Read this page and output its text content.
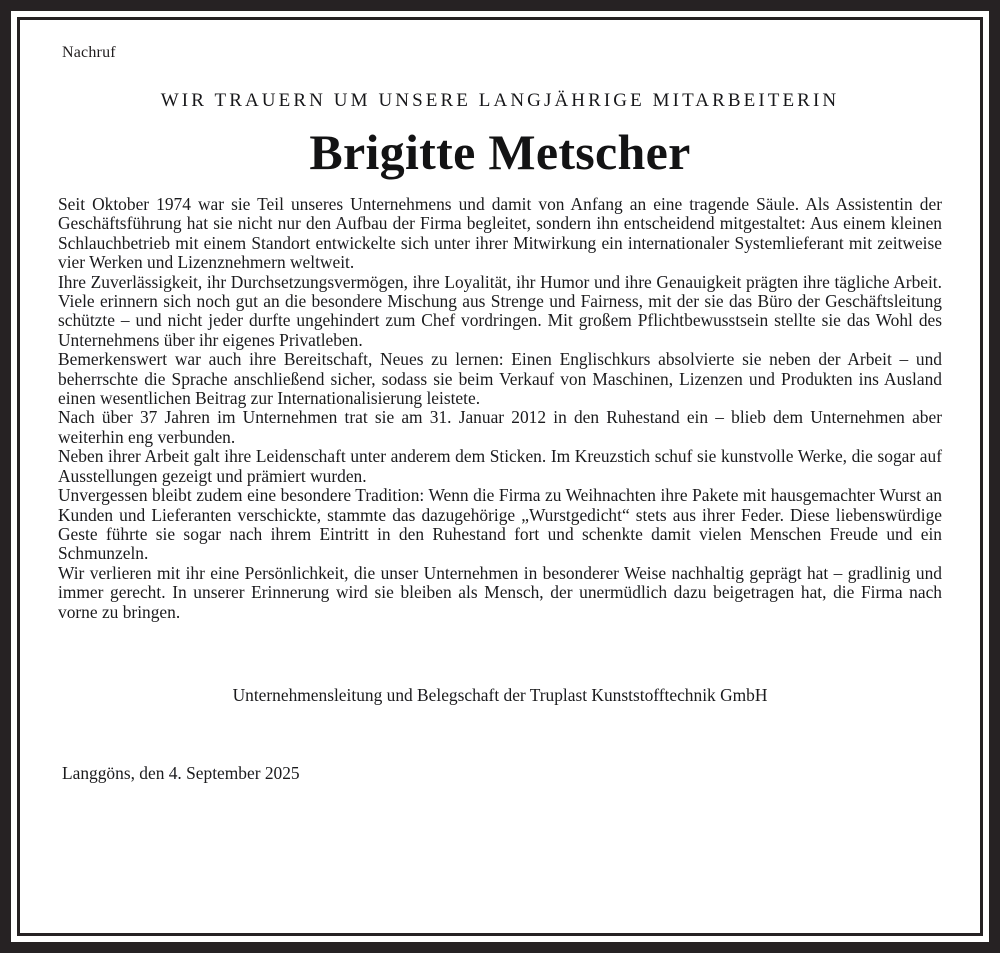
Nachruf
WIR TRAUERN UM UNSERE LANGJÄHRIGE MITARBEITERIN
Brigitte Metscher

Seit Oktober 1974 war sie Teil unseres Unternehmens und damit von Anfang an eine tragende Säule. Als Assistentin der Geschäftsführung hat sie nicht nur den Aufbau der Firma begleitet, sondern ihn entscheidend mitgestaltet: Aus einem kleinen Schlauchbetrieb mit einem Standort entwickelte sich unter ihrer Mitwirkung ein internationaler Systemlieferant mit zeitweise vier Werken und Lizenznehmern weltweit.

Ihre Zuverlässigkeit, ihr Durchsetzungsvermögen, ihre Loyalität, ihr Humor und ihre Genauigkeit prägten ihre tägliche Arbeit. Viele erinnern sich noch gut an die besondere Mischung aus Strenge und Fairness, mit der sie das Büro der Geschäftsleitung schützte – und nicht jeder durfte ungehindert zum Chef vordringen. Mit großem Pflichtbewusstsein stellte sie das Wohl des Unternehmens über ihr eigenes Privatleben.

Bemerkenswert war auch ihre Bereitschaft, Neues zu lernen: Einen Englischkurs absolvierte sie neben der Arbeit – und beherrschte die Sprache anschließend sicher, sodass sie beim Verkauf von Maschinen, Lizenzen und Produkten ins Ausland einen wesentlichen Beitrag zur Internationalisierung leistete.

Nach über 37 Jahren im Unternehmen trat sie am 31. Januar 2012 in den Ruhestand ein – blieb dem Unternehmen aber weiterhin eng verbunden.

Neben ihrer Arbeit galt ihre Leidenschaft unter anderem dem Sticken. Im Kreuzstich schuf sie kunstvolle Werke, die sogar auf Ausstellungen gezeigt und prämiert wurden.

Unvergessen bleibt zudem eine besondere Tradition: Wenn die Firma zu Weihnachten ihre Pakete mit hausgemachter Wurst an Kunden und Lieferanten verschickte, stammte das dazugehörige „Wurstgedicht“ stets aus ihrer Feder. Diese liebenswürdige Geste führte sie sogar nach ihrem Eintritt in den Ruhestand fort und schenkte damit vielen Menschen Freude und ein Schmunzeln.

Wir verlieren mit ihr eine Persönlichkeit, die unser Unternehmen in besonderer Weise nachhaltig geprägt hat – gradlinig und immer gerecht. In unserer Erinnerung wird sie bleiben als Mensch, der unermüdlich dazu beigetragen hat, die Firma nach vorne zu bringen.

Unternehmensleitung und Belegschaft der Truplast Kunststofftechnik GmbH
Langgöns, den 4. September 2025
